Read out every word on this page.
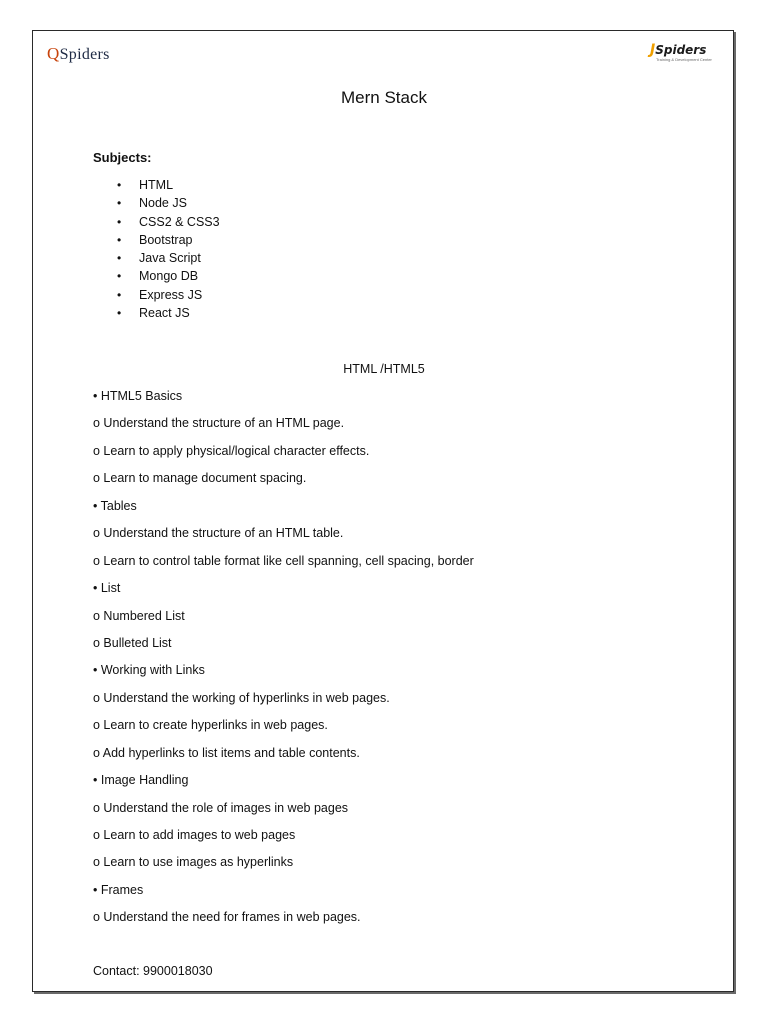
QSpiders	JSpiders
Training & Development Center
Mern Stack
Subjects:
• HTML
• Node JS
• CSS2 & CSS3
• Bootstrap
• Java Script
• Mongo DB
• Express JS
• React JS
HTML /HTML5
• HTML5 Basics
o Understand the structure of an HTML page.
o Learn to apply physical/logical character effects.
o Learn to manage document spacing.
• Tables
o Understand the structure of an HTML table.
o Learn to control table format like cell spanning, cell spacing, border
• List
o Numbered List
o Bulleted List
• Working with Links
o Understand the working of hyperlinks in web pages.
o Learn to create hyperlinks in web pages.
o Add hyperlinks to list items and table contents.
• Image Handling
o Understand the role of images in web pages
o Learn to add images to web pages
o Learn to use images as hyperlinks
• Frames
o Understand the need for frames in web pages.
Contact: 9900018030
